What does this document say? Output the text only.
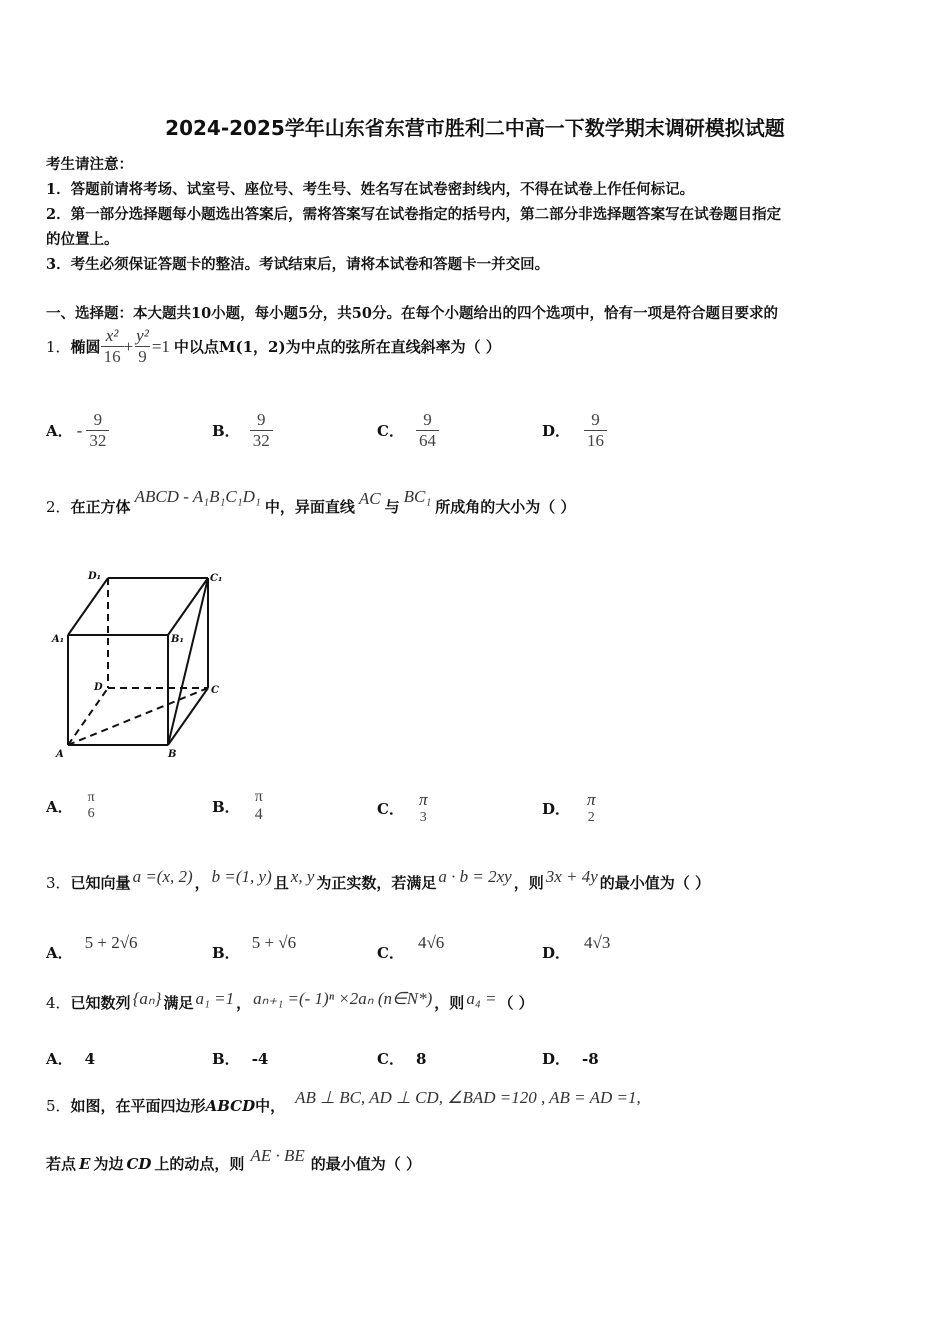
2024-2025学年山东省东营市胜利二中高一下数学期末调研模拟试题
考生请注意：
1．答题前请将考场、试室号、座位号、考生号、姓名写在试卷密封线内，不得在试卷上作任何标记。
2．第一部分选择题每小题选出答案后，需将答案写在试卷指定的括号内，第二部分非选择题答案写在试卷题目指定
的位置上。
3．考生必须保证答题卡的整洁。考试结束后，请将本试卷和答题卡一并交回。
一、选择题：本大题共10小题，每小题5分，共50分。在每个小题给出的四个选项中，恰有一项是符合题目要求的
1． 椭圆 $\frac{\text{x²}}{16} + \frac{\text{y²}}{9} =1$ 中以点M(1，2)为中点的弦所在直线斜率为（ ）
A． - $\frac{9}{32}$	B． $\frac{9}{32}$	C． $\frac{9}{64}$	D． $\frac{9}{16}$
2． 在正方体
ABCD - A₁B₁C₁D₁
中，异面直线 AC 与
BC₁
所成角的大小为（ ）
D₁	C₁
A₁	B₁
D	C
A	B
A． π
6	B．
π
4	C． π
3	D． π
2
3． 已知向量 a =(x, 2) ， b =(1, y) 且 x, y 为正实数，若满足 a · b = 2xy ，则 3x + 4y 的最小值为（ ）
A．
5 + 2√6
B．
5 + √6
C．
4√6
D．
4√3
4． 已知数列 {aₙ} 满足 a₁ =1 ， aₙ₊₁ =(- 1)ⁿ ×2aₙ (n∈N*) ，则 a₄ = （ ）
A． 4	B． -4	C． 8	D． -8
5． 如图，在平面四边形 ABCD 中， AB ⊥ BC, AD ⊥ CD, ∠BAD =120 , AB = AD =1,
若点 E 为边 CD 上的动点，则 AE · BE 的最小值为（ ）
